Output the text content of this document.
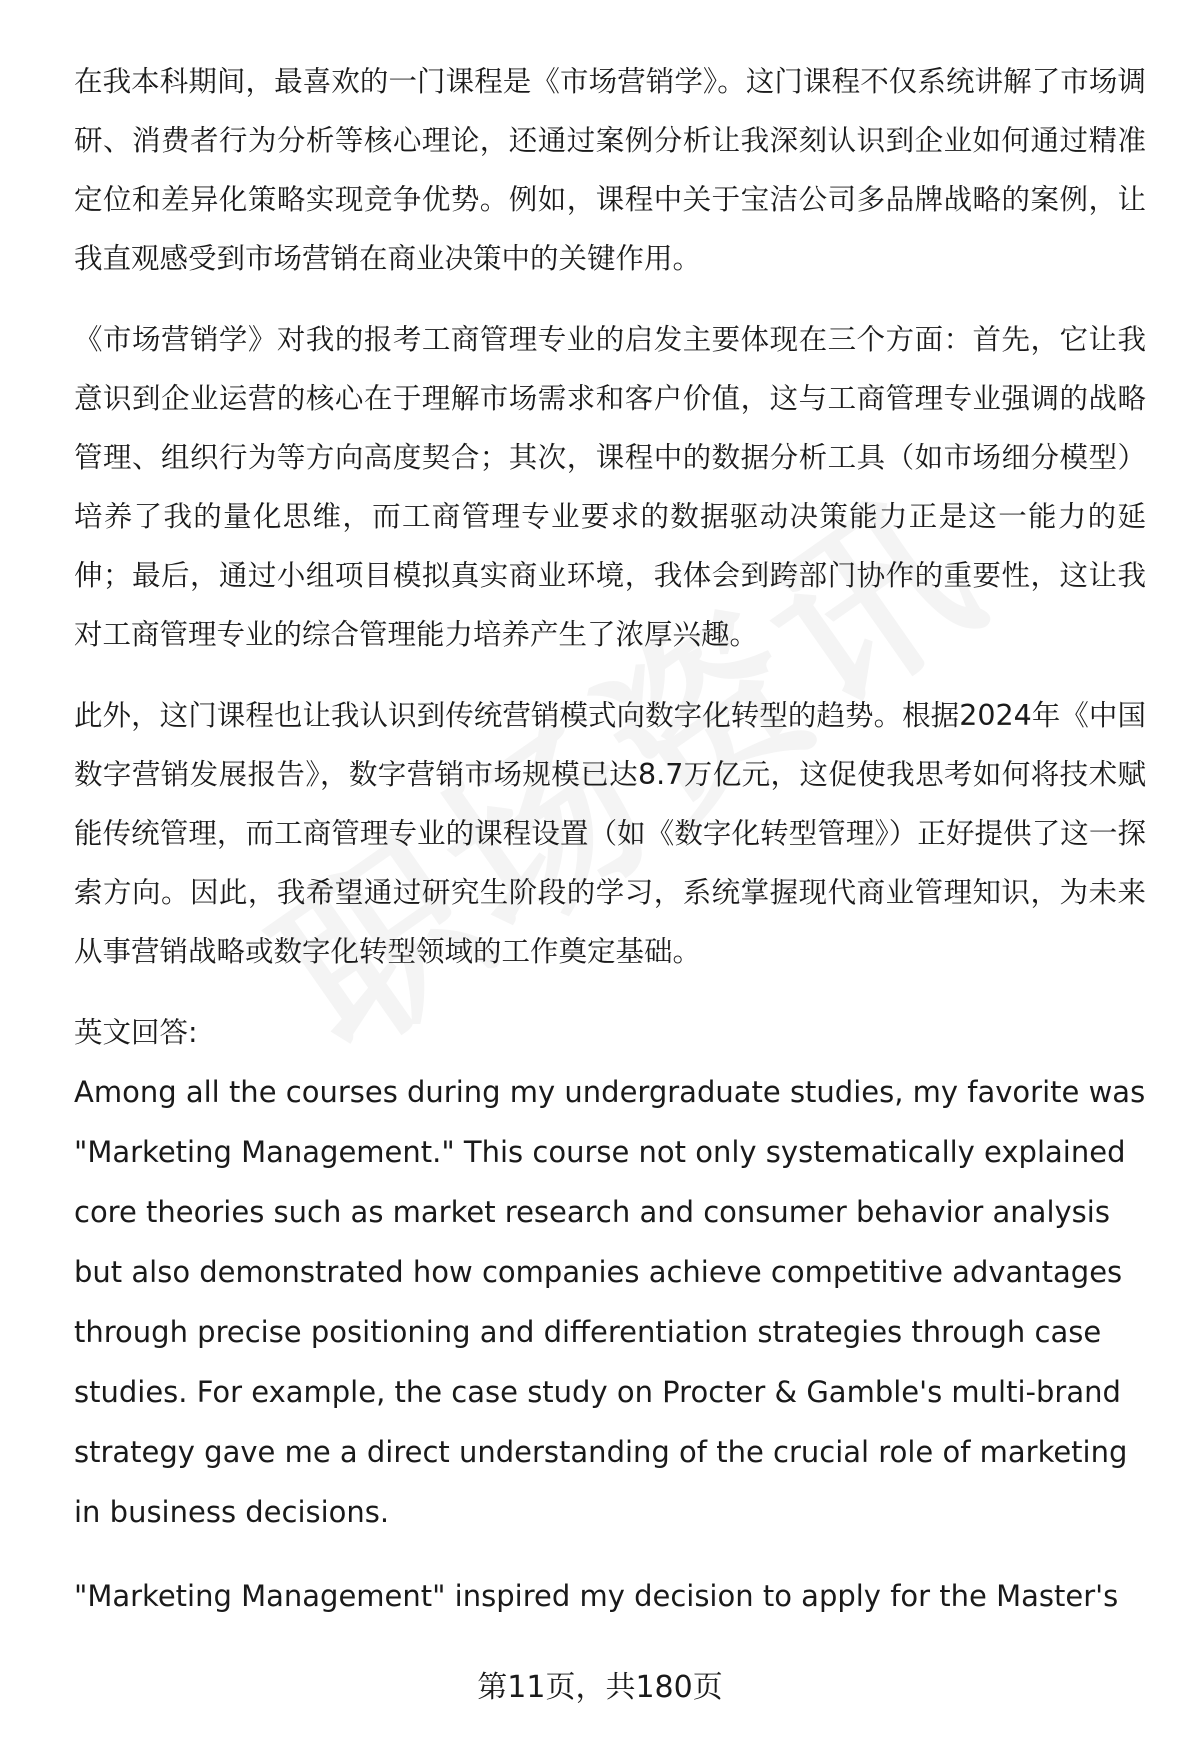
在我本科期间，最喜欢的一门课程是《市场营销学》。这门课程不仅系统讲解了市场调研、消费者行为分析等核心理论，还通过案例分析让我深刻认识到企业如何通过精准定位和差异化策略实现竞争优势。例如，课程中关于宝洁公司多品牌战略的案例，让我直观感受到市场营销在商业决策中的关键作用。

《市场营销学》对我的报考工商管理专业的启发主要体现在三个方面：首先，它让我意识到企业运营的核心在于理解市场需求和客户价值，这与工商管理专业强调的战略管理、组织行为等方向高度契合；其次，课程中的数据分析工具（如市场细分模型）培养了我的量化思维，而工商管理专业要求的数据驱动决策能力正是这一能力的延伸；最后，通过小组项目模拟真实商业环境，我体会到跨部门协作的重要性，这让我对工商管理专业的综合管理能力培养产生了浓厚兴趣。

此外，这门课程也让我认识到传统营销模式向数字化转型的趋势。根据2024年《中国数字营销发展报告》，数字营销市场规模已达8.7万亿元，这促使我思考如何将技术赋能传统管理，而工商管理专业的课程设置（如《数字化转型管理》）正好提供了这一探索方向。因此，我希望通过研究生阶段的学习，系统掌握现代商业管理知识，为未来从事营销战略或数字化转型领域的工作奠定基础。

英文回答:

Among all the courses during my undergraduate studies, my favorite was "Marketing Management." This course not only systematically explained core theories such as market research and consumer behavior analysis but also demonstrated how companies achieve competitive advantages through precise positioning and differentiation strategies through case studies. For example, the case study on Procter & Gamble's multi-brand strategy gave me a direct understanding of the crucial role of marketing in business decisions.

"Marketing Management" inspired my decision to apply for the Master's

第11页，共180页
